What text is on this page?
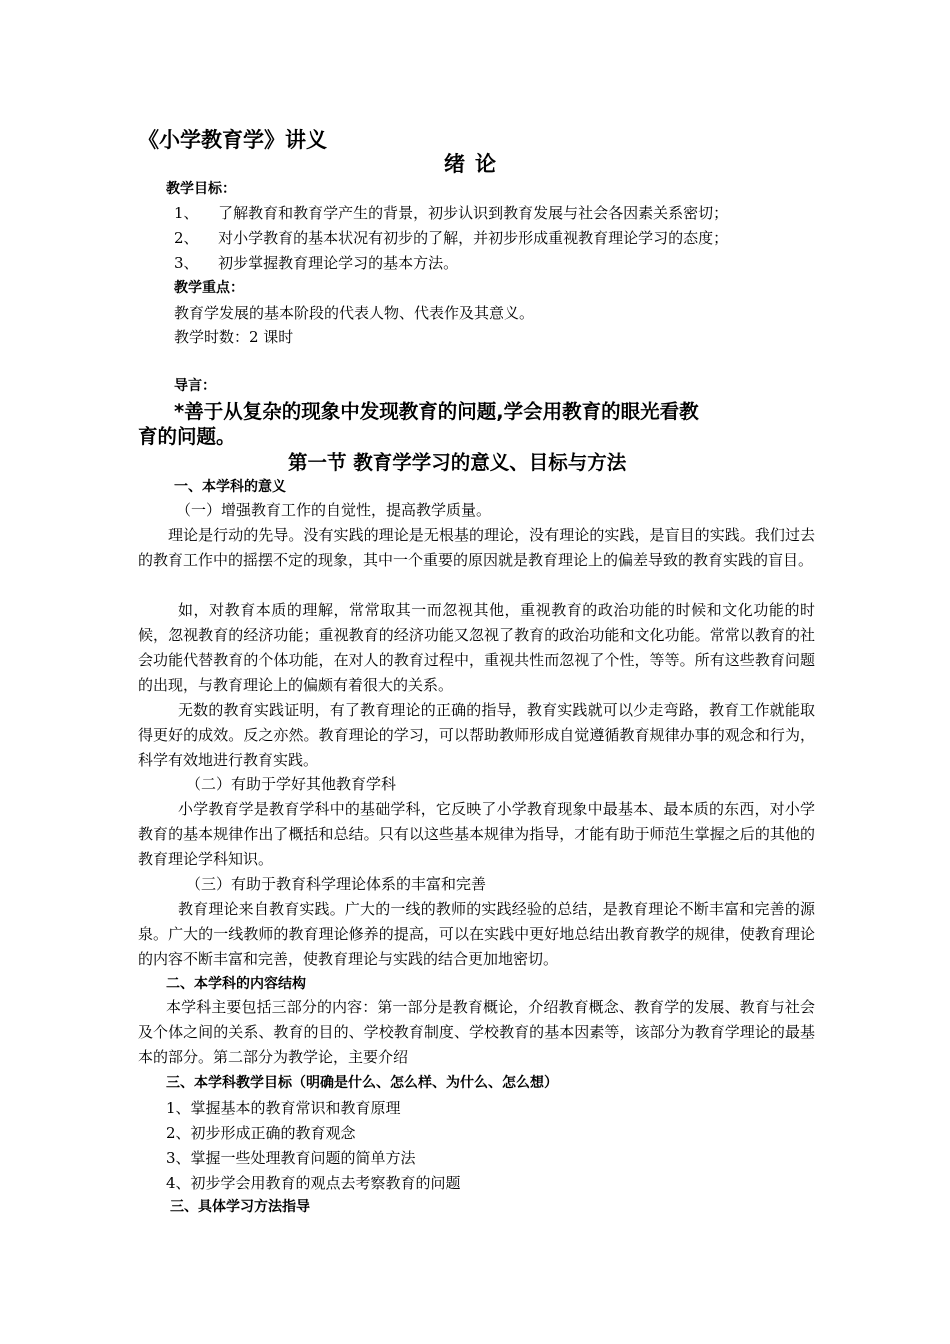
《小学教育学》讲义
绪论
教学目标：
1、 了解教育和教育学产生的背景，初步认识到教育发展与社会各因素关系密切；
2、 对小学教育的基本状况有初步的了解，并初步形成重视教育理论学习的态度；
3、 初步掌握教育理论学习的基本方法。
教学重点：
教育学发展的基本阶段的代表人物、代表作及其意义。
教学时数：2 课时
导言：
*善于从复杂的现象中发现教育的问题,学会用教育的眼光看教
育的问题。
第一节 教育学学习的意义、目标与方法
一、本学科的意义
（一）增强教育工作的自觉性，提高教学质量。
理论是行动的先导。没有实践的理论是无根基的理论，没有理论的实践，是盲目的实践。我们过去的教育工作中的摇摆不定的现象，其中一个重要的原因就是教育理论上的偏差导致的教育实践的盲目。
如，对教育本质的理解，常常取其一而忽视其他，重视教育的政治功能的时候和文化功能的时候，忽视教育的经济功能；重视教育的经济功能又忽视了教育的政治功能和文化功能。常常以教育的社会功能代替教育的个体功能，在对人的教育过程中，重视共性而忽视了个性，等等。所有这些教育问题的出现，与教育理论上的偏颇有着很大的关系。
无数的教育实践证明，有了教育理论的正确的指导，教育实践就可以少走弯路，教育工作就能取得更好的成效。反之亦然。教育理论的学习，可以帮助教师形成自觉遵循教育规律办事的观念和行为，科学有效地进行教育实践。
（二）有助于学好其他教育学科
小学教育学是教育学科中的基础学科，它反映了小学教育现象中最基本、最本质的东西，对小学教育的基本规律作出了概括和总结。只有以这些基本规律为指导，才能有助于师范生掌握之后的其他的教育理论学科知识。
（三）有助于教育科学理论体系的丰富和完善
教育理论来自教育实践。广大的一线的教师的实践经验的总结，是教育理论不断丰富和完善的源泉。广大的一线教师的教育理论修养的提高，可以在实践中更好地总结出教育教学的规律，使教育理论的内容不断丰富和完善，使教育理论与实践的结合更加地密切。
二、本学科的内容结构
本学科主要包括三部分的内容：第一部分是教育概论，介绍教育概念、教育学的发展、教育与社会及个体之间的关系、教育的目的、学校教育制度、学校教育的基本因素等，该部分为教育学理论的最基本的部分。第二部分为教学论，主要介绍
三、本学科教学目标（明确是什么、怎么样、为什么、怎么想）
1、掌握基本的教育常识和教育原理
2、初步形成正确的教育观念
3、掌握一些处理教育问题的简单方法
4、初步学会用教育的观点去考察教育的问题
三、具体学习方法指导
